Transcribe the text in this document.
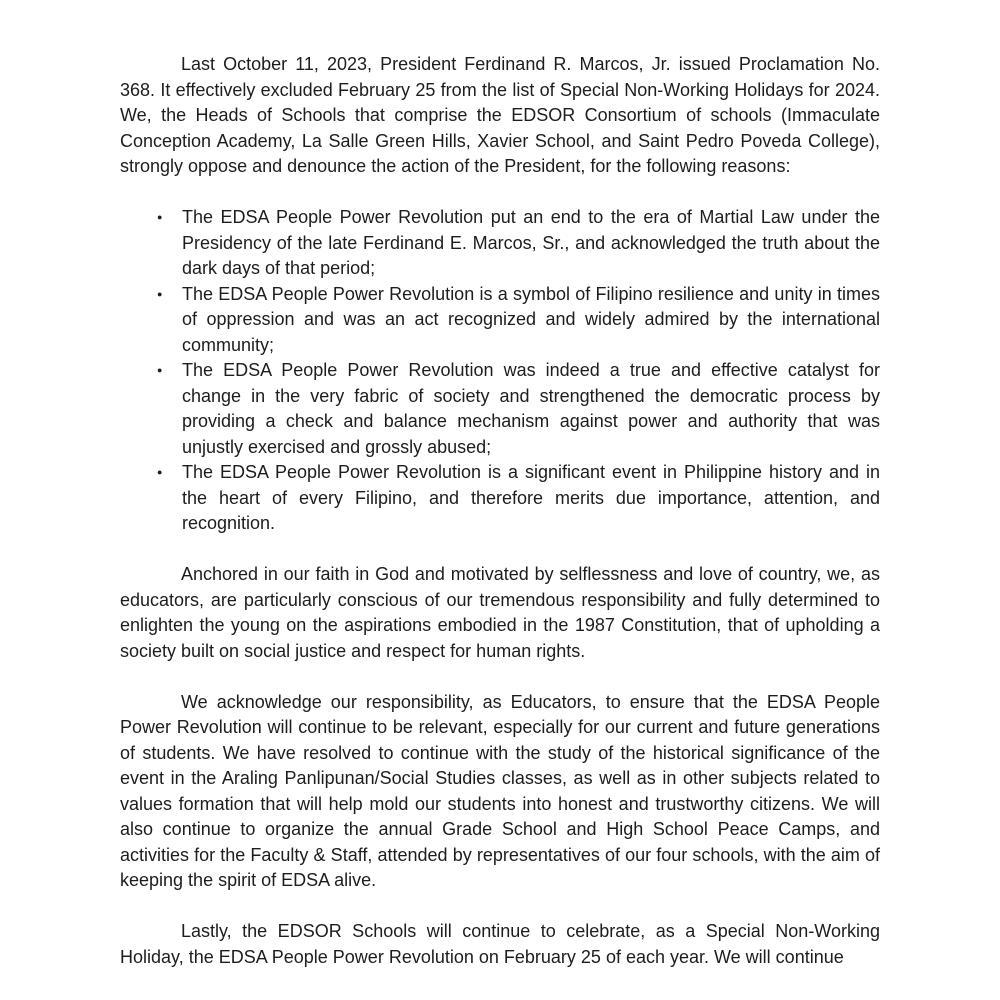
Last October 11, 2023, President Ferdinand R. Marcos, Jr. issued Proclamation No. 368. It effectively excluded February 25 from the list of Special Non-Working Holidays for 2024. We, the Heads of Schools that comprise the EDSOR Consortium of schools (Immaculate Conception Academy, La Salle Green Hills, Xavier School, and Saint Pedro Poveda College), strongly oppose and denounce the action of the President, for the following reasons:

●	The EDSA People Power Revolution put an end to the era of Martial Law under the Presidency of the late Ferdinand E. Marcos, Sr., and acknowledged the truth about the dark days of that period;
●	The EDSA People Power Revolution is a symbol of Filipino resilience and unity in times of oppression and was an act recognized and widely admired by the international community;
●	The EDSA People Power Revolution was indeed a true and effective catalyst for change in the very fabric of society and strengthened the democratic process by providing a check and balance mechanism against power and authority that was unjustly exercised and grossly abused;
●	The EDSA People Power Revolution is a significant event in Philippine history and in the heart of every Filipino, and therefore merits due importance, attention, and recognition.

Anchored in our faith in God and motivated by selflessness and love of country, we, as educators, are particularly conscious of our tremendous responsibility and fully determined to enlighten the young on the aspirations embodied in the 1987 Constitution, that of upholding a society built on social justice and respect for human rights.

We acknowledge our responsibility, as Educators, to ensure that the EDSA People Power Revolution will continue to be relevant, especially for our current and future generations of students. We have resolved to continue with the study of the historical significance of the event in the Araling Panlipunan/Social Studies classes, as well as in other subjects related to values formation that will help mold our students into honest and trustworthy citizens. We will also continue to organize the annual Grade School and High School Peace Camps, and activities for the Faculty & Staff, attended by representatives of our four schools, with the aim of keeping the spirit of EDSA alive.

Lastly, the EDSOR Schools will continue to celebrate, as a Special Non-Working Holiday, the EDSA People Power Revolution on February 25 of each year. We will continue
